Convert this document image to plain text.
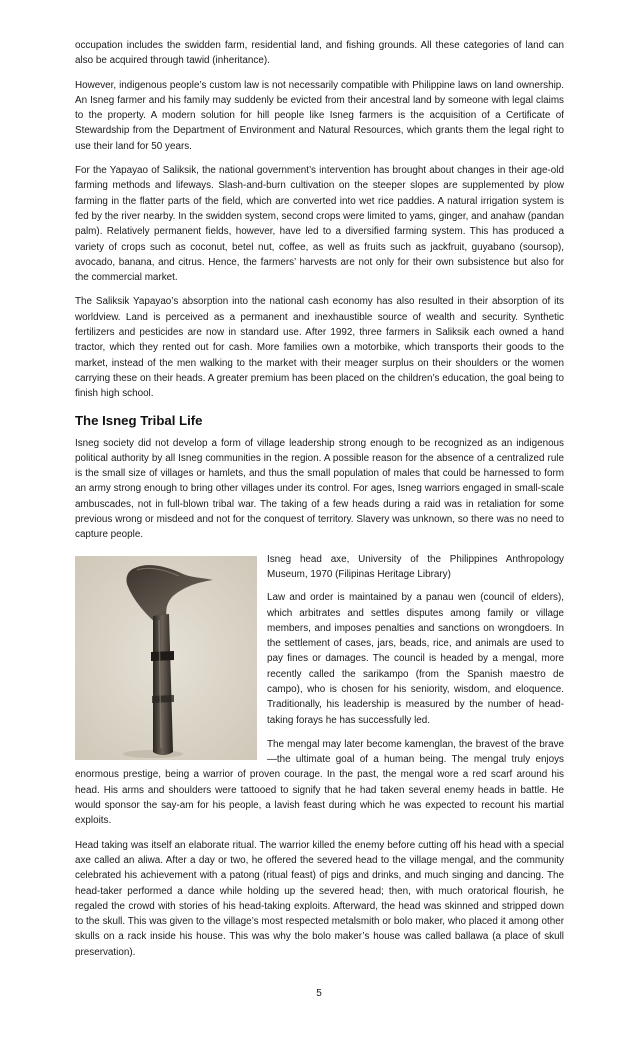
occupation includes the swidden farm, residential land, and fishing grounds. All these categories of land can also be acquired through tawid (inheritance).

However, indigenous people’s custom law is not necessarily compatible with Philippine laws on land ownership. An Isneg farmer and his family may suddenly be evicted from their ancestral land by someone with legal claims to the property. A modern solution for hill people like Isneg farmers is the acquisition of a Certificate of Stewardship from the Department of Environment and Natural Resources, which grants them the legal right to use their land for 50 years.

For the Yapayao of Saliksik, the national government’s intervention has brought about changes in their age-old farming methods and lifeways. Slash-and-burn cultivation on the steeper slopes are supplemented by plow farming in the flatter parts of the field, which are converted into wet rice paddies. A natural irrigation system is fed by the river nearby. In the swidden system, second crops were limited to yams, ginger, and anahaw (pandan palm). Relatively permanent fields, however, have led to a diversified farming system. This has produced a variety of crops such as coconut, betel nut, coffee, as well as fruits such as jackfruit, guyabano (soursop), avocado, banana, and citrus. Hence, the farmers’ harvests are not only for their own subsistence but also for the commercial market.

The Saliksik Yapayao’s absorption into the national cash economy has also resulted in their absorption of its worldview. Land is perceived as a permanent and inexhaustible source of wealth and security. Synthetic fertilizers and pesticides are now in standard use. After 1992, three farmers in Saliksik each owned a hand tractor, which they rented out for cash. More families own a motorbike, which transports their goods to the market, instead of the men walking to the market with their meager surplus on their shoulders or the women carrying these on their heads. A greater premium has been placed on the children’s education, the goal being to finish high school.

The Isneg Tribal Life

Isneg society did not develop a form of village leadership strong enough to be recognized as an indigenous political authority by all Isneg communities in the region. A possible reason for the absence of a centralized rule is the small size of villages or hamlets, and thus the small population of males that could be harnessed to form an army strong enough to bring other villages under its control. For ages, Isneg warriors engaged in small-scale ambuscades, not in full-blown tribal war. The taking of a few heads during a raid was in retaliation for some previous wrong or misdeed and not for the conquest of territory. Slavery was unknown, so there was no need to capture people.

Isneg head axe, University of the Philippines Anthropology Museum, 1970 (Filipinas Heritage Library)

Law and order is maintained by a panau wen (council of elders), which arbitrates and settles disputes among family or village members, and imposes penalties and sanctions on wrongdoers. In the settlement of cases, jars, beads, rice, and animals are used to pay fines or damages. The council is headed by a mengal, more recently called the sarikampo (from the Spanish maestro de campo), who is chosen for his seniority, wisdom, and eloquence. Traditionally, his leadership is measured by the number of head-taking forays he has successfully led.

The mengal may later become kamenglan, the bravest of the brave—the ultimate goal of a human being. The mengal truly enjoys enormous prestige, being a warrior of proven courage. In the past, the mengal wore a red scarf around his head. His arms and shoulders were tattooed to signify that he had taken several enemy heads in battle. He would sponsor the say-am for his people, a lavish feast during which he was expected to recount his martial exploits.

Head taking was itself an elaborate ritual. The warrior killed the enemy before cutting off his head with a special axe called an aliwa. After a day or two, he offered the severed head to the village mengal, and the community celebrated his achievement with a patong (ritual feast) of pigs and drinks, and much singing and dancing. The head-taker performed a dance while holding up the severed head; then, with much oratorical flourish, he regaled the crowd with stories of his head-taking exploits. Afterward, the head was skinned and stripped down to the skull. This was given to the village’s most respected metalsmith or bolo maker, who placed it among other skulls on a rack inside his house. This was why the bolo maker’s house was called ballawa (a place of skull preservation).

5
